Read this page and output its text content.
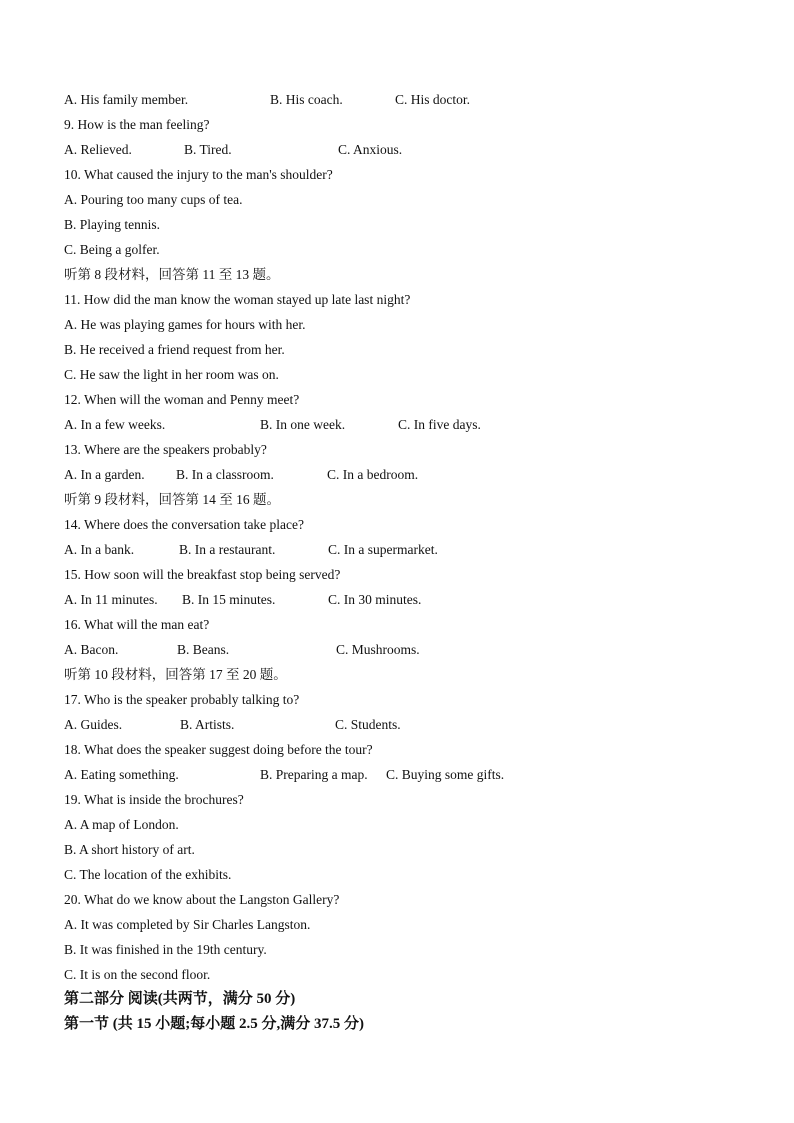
A. His family member.	B. His coach.	C. His doctor.
9. How is the man feeling?
A. Relieved.	B. Tired.	C. Anxious.
10. What caused the injury to the man's shoulder?
A. Pouring too many cups of tea.
B. Playing tennis.
C. Being a golfer.
听第 8 段材料，回答第 11 至 13 题。
11. How did the man know the woman stayed up late last night?
A. He was playing games for hours with her.
B. He received a friend request from her.
C. He saw the light in her room was on.
12. When will the woman and Penny meet?
A. In a few weeks.	B. In one week.	C. In five days.
13. Where are the speakers probably?
A. In a garden. B. In a classroom.	C. In a bedroom.
听第 9 段材料，回答第 14 至 16 题。
14. Where does the conversation take place?
A. In a bank.	B. In a restaurant.	C. In a supermarket.
15. How soon will the breakfast stop being served?
A. In 11 minutes. B. In 15 minutes.	C. In 30 minutes.
16. What will the man eat?
A. Bacon.	B. Beans.	C. Mushrooms.
听第 10 段材料，回答第 17 至 20 题。
17. Who is the speaker probably talking to?
A. Guides.	B. Artists.	C. Students.
18. What does the speaker suggest doing before the tour?
A. Eating something.	B. Preparing a map. C. Buying some gifts.
19. What is inside the brochures?
A. A map of London.
B. A short history of art.
C. The location of the exhibits.
20. What do we know about the Langston Gallery?
A. It was completed by Sir Charles Langston.
B. It was finished in the 19th century.
C. It is on the second floor.
第二部分 阅读(共两节，满分 50 分)
第一节 (共 15 小题;每小题 2.5 分,满分 37.5 分)
